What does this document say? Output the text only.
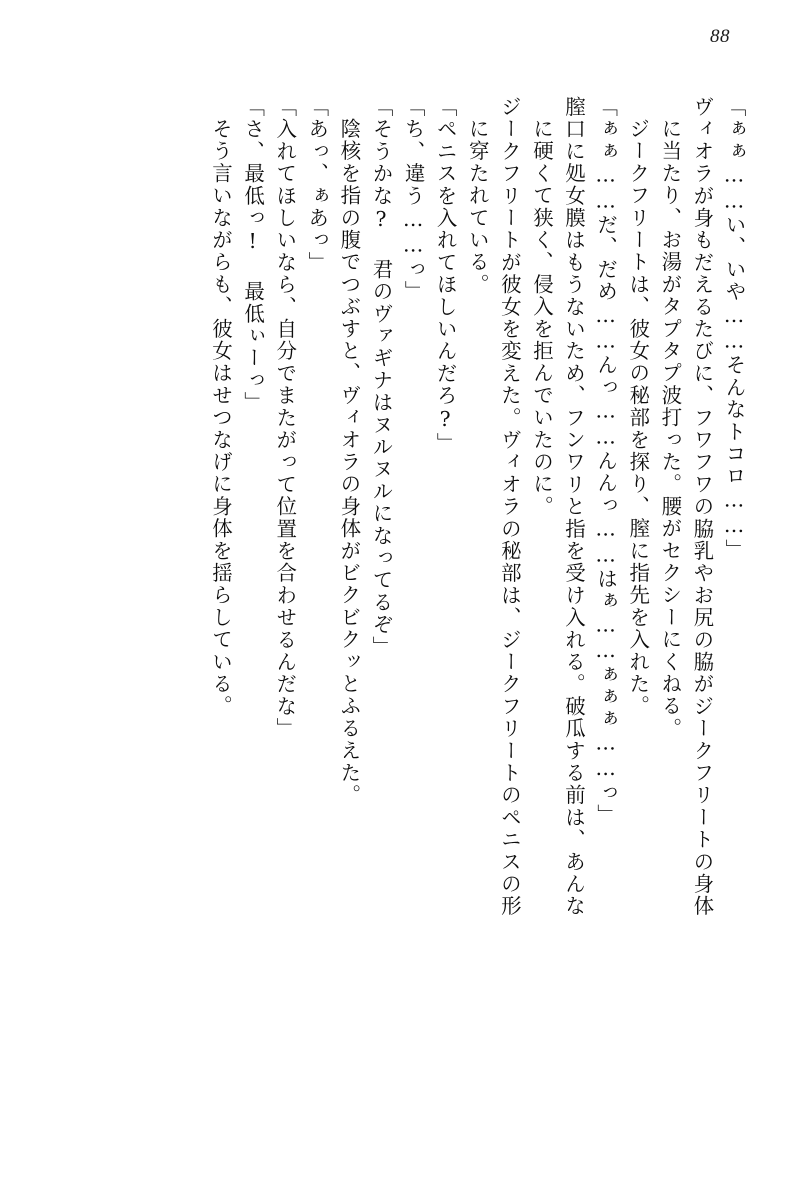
88
「ぁぁ……い、いや……そんなトコロ……」
ヴィオラが身もだえるたびに、フワフワの脇乳やお尻の脇がジークフリートの身体
に当たり、お湯がタプタプ波打った。腰がセクシーにくねる。
ジークフリートは、彼女の秘部を探り、膣に指先を入れた。
「ぁぁ……だ、だめ……んっ……んんっ……はぁ……ぁぁぁ……っ」
膣口に処女膜はもうないため、フンワリと指を受け入れる。破瓜する前は、あんな
に硬くて狭く、侵入を拒んでいたのに。
ジークフリートが彼女を変えた。ヴィオラの秘部は、ジークフリートのペニスの形
に穿たれている。
「ペニスを入れてほしいんだろ?」
「ち、違う……っ」
「そうかな? 君のヴァギナはヌルヌルになってるぞ」
陰核を指の腹でつぶすと、ヴィオラの身体がビクビクッとふるえた。
「あっ、ぁあっ」
「入れてほしいなら、自分でまたがって位置を合わせるんだな」
「さ、最低っ! 最低ぃーっ」
そう言いながらも、彼女はせつなげに身体を揺らしている。
